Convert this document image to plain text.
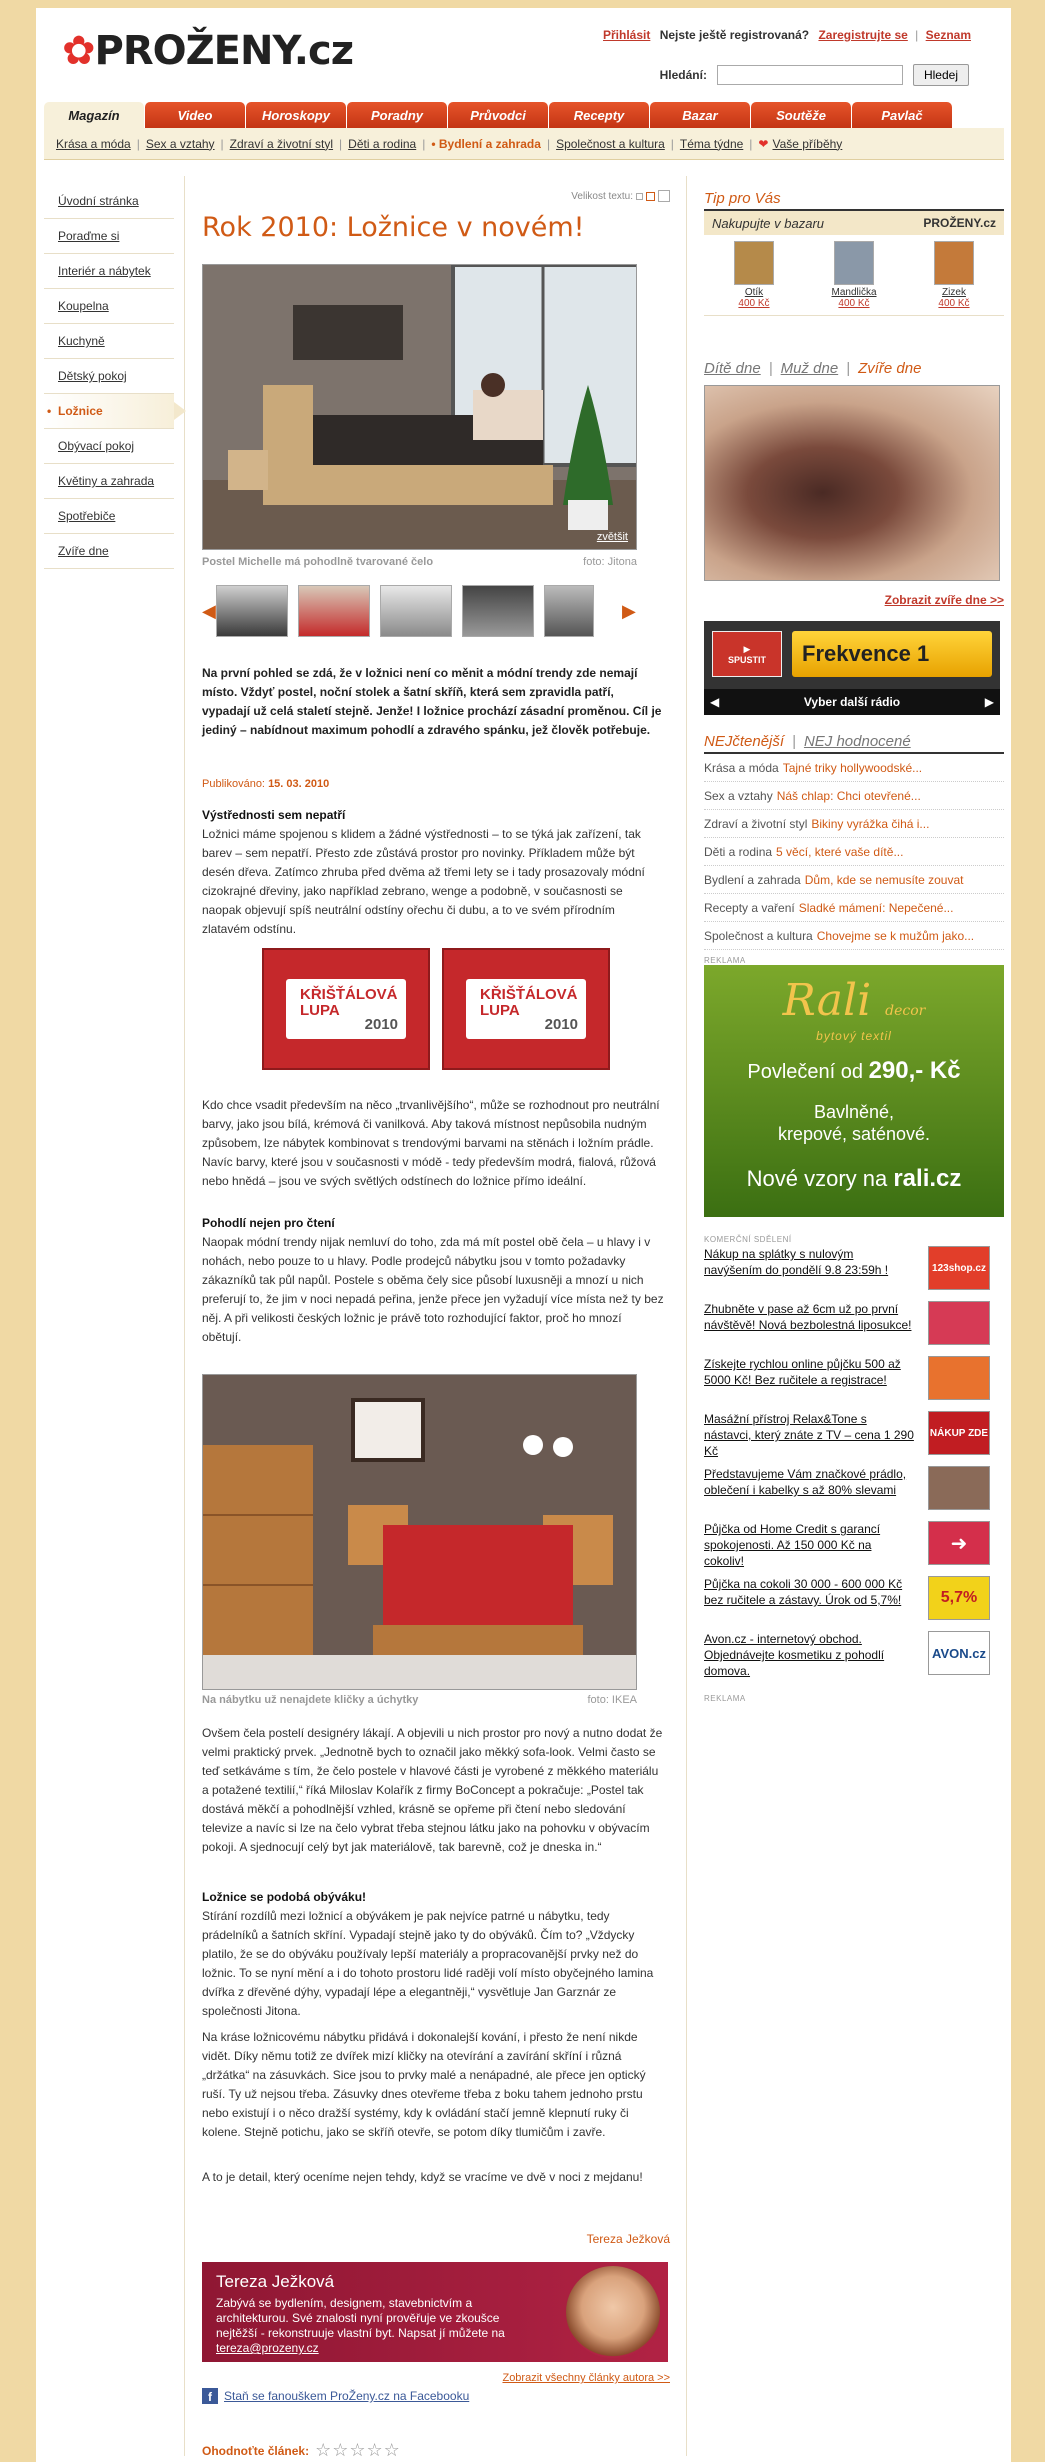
✿PROŽENY.cz	Přihlásit Nejste ještě registrovaná? Zaregistrujte se | Seznam
Hledání:	Hledej
Magazín	Video	Horoskopy	Poradny	Průvodci	Recepty	Bazar	Soutěže	Pavlač
Krása a móda | Sex a vztahy | Zdraví a životní styl | Děti a rodina | • Bydlení a zahrada | Společnost a kultura | Téma týdne | ❤ Vaše příběhy
Úvodní stránka
Poraďme si
Interiér a nábytek
Koupelna
Kuchyně
Dětský pokoj
• Ložnice
Obývací pokoj
Květiny a zahrada
Spotřebiče
Zvíře dne
Velikost textu:
Rok 2010: Ložnice v novém!
zvětšit
Postel Michelle má pohodlně tvarované čelo	foto: Jitona
◀	▶

Na první pohled se zdá, že v ložnici není co měnit a módní trendy zde nemají místo. Vždyť postel, noční stolek a šatní skříň, která sem zpravidla patří, vypadají už celá staletí stejně. Jenže! I ložnice prochází zásadní proměnou. Cíl je jediný – nabídnout maximum pohodlí a zdravého spánku, jež člověk potřebuje.

Publikováno: 15. 03. 2010
Výstřednosti sem nepatří

Ložnici máme spojenou s klidem a žádné výstřednosti – to se týká jak zařízení, tak barev – sem nepatří. Přesto zde zůstává prostor pro novinky. Příkladem může být desén dřeva. Zatímco zhruba před dvěma až třemi lety se i tady prosazovaly módní cizokrajné dřeviny, jako například zebrano, wenge a podobně, v současnosti se naopak objevují spíš neutrální odstíny ořechu či dubu, a to ve svém přírodním zlatavém odstínu.

KŘIŠŤÁLOVÁ
LUPA
2010
KŘIŠŤÁLOVÁ
LUPA
2010
Kdo chce vsadit především na něco „trvanlivějšího“, může se rozhodnout pro neutrální barvy, jako jsou bílá, krémová či vanilková. Aby taková místnost nepůsobila nudným způsobem, lze nábytek kombinovat s trendovými barvami na stěnách i ložním prádle. Navíc barvy, které jsou v současnosti v módě - tedy především modrá, fialová, růžová nebo hnědá – jsou ve svých světlých odstínech do ložnice přímo ideální.
Pohodlí nejen pro čtení

Naopak módní trendy nijak nemluví do toho, zda má mít postel obě čela – u hlavy i v nohách, nebo pouze to u hlavy. Podle prodejců nábytku jsou v tomto požadavky zákazníků tak půl napůl. Postele s oběma čely sice působí luxusněji a mnozí u nich preferují to, že jim v noci nepadá peřina, jenže přece jen vyžadují více místa než ty bez něj. A při velikosti českých ložnic je právě toto rozhodující faktor, proč ho mnozí obětují.

Na nábytku už nenajdete kličky a úchytky	foto: IKEA
Ovšem čela postelí designéry lákají. A objevili u nich prostor pro nový a nutno dodat že velmi praktický prvek. „Jednotně bych to označil jako měkký sofa-look. Velmi často se teď setkáváme s tím, že čelo postele v hlavové části je vyrobené z měkkého materiálu a potažené textilií,“ říká Miloslav Kolařík z firmy BoConcept a pokračuje: „Postel tak dostává měkčí a pohodlnější vzhled, krásně se opřeme při čtení nebo sledování televize a navíc si lze na čelo vybrat třeba stejnou látku jako na pohovku v obývacím pokoji. A sjednocují celý byt jak materiálově, tak barevně, což je dneska in.“
Ložnice se podobá obýváku!

Stírání rozdílů mezi ložnicí a obývákem je pak nejvíce patrné u nábytku, tedy prádelníků a šatních skříní. Vypadají stejně jako ty do obýváků. Čím to? „Vždycky platilo, že se do obýváku používaly lepší materiály a propracovanější prvky než do ložnic. To se nyní mění a i do tohoto prostoru lidé raději volí místo obyčejného lamina dvířka z dřevěné dýhy, vypadají lépe a elegantněji,“ vysvětluje Jan Garznár ze společnosti Jitona.

Na kráse ložnicovému nábytku přidává i dokonalejší kování, i přesto že není nikde vidět. Díky němu totiž ze dvířek mizí kličky na otevírání a zavírání skříní i různá „držátka“ na zásuvkách. Sice jsou to prvky malé a nenápadné, ale přece jen optický ruší. Ty už nejsou třeba. Zásuvky dnes otevřeme třeba z boku tahem jednoho prstu nebo existují i o něco dražší systémy, kdy k ovládání stačí jemně klepnutí ruky či kolene. Stejně potichu, jako se skříň otevře, se potom díky tlumičům i zavře.
A to je detail, který oceníme nejen tehdy, když se vracíme ve dvě v noci z mejdanu!
Tereza Ježková
Tereza Ježková

Zabývá se bydlením, designem, stavebnictvím a architekturou. Své znalosti nyní prověřuje ve zkoušce nejtěžší - rekonstruuje vlastní byt. Napsat jí můžete na tereza@prozeny.cz

Zobrazit všechny články autora >>
f	Staň se fanouškem ProŽeny.cz na Facebooku
Ohodnoťte článek: ☆☆☆☆☆
Tip pro Vás
Nakupujte v bazaru	PROŽENY.cz
Otík
400 Kč
Mandlička
400 Kč
Zizek
400 Kč
Dítě dne | Muž dne | Zvíře dne
Zobrazit zvíře dne >>
▶
SPUSTIT	Frekvence 1
◀	Vyber další rádio	▶
NEJčtenější | NEJ hodnocené
Krása a móda Tajné triky hollywoodské...
Sex a vztahy Náš chlap: Chci otevřené...
Zdraví a životní styl Bikiny vyrážka čihá i...
Děti a rodina 5 věcí, které vaše dítě...
Bydlení a zahrada Dům, kde se nemusíte zouvat
Recepty a vaření Sladké mámení: Nepečené...
Společnost a kultura Chovejme se k mužům jako...
REKLAMA
Rali decor
bytový textil
Povlečení od 290,- Kč
Bavlněné,
krepové, saténové.
Nové vzory na rali.cz
KOMERČNÍ SDĚLENÍ
Nákup na splátky s nulovým navýšením do pondělí 9.8 23:59h !	123shop.cz
Zhubněte v pase až 6cm už po první návštěvě! Nová bezbolestná liposukce!
Získejte rychlou online půjčku 500 až 5000 Kč! Bez ručitele a registrace!
Masážní přístroj Relax&Tone s nástavci, který znáte z TV – cena 1 290 Kč
NÁKUP ZDE
Představujeme Vám značkové prádlo, oblečení i kabelky s až 80% slevami
Půjčka od Home Credit s garancí spokojenosti. Až 150 000 Kč na cokoliv!
➜
Půjčka na cokoli 30 000 - 600 000 Kč bez ručitele a zástavy. Úrok od 5,7%!	5,7%
Avon.cz - internetový obchod. Objednávejte kosmetiku z pohodlí domova.
AVON.cz
REKLAMA
